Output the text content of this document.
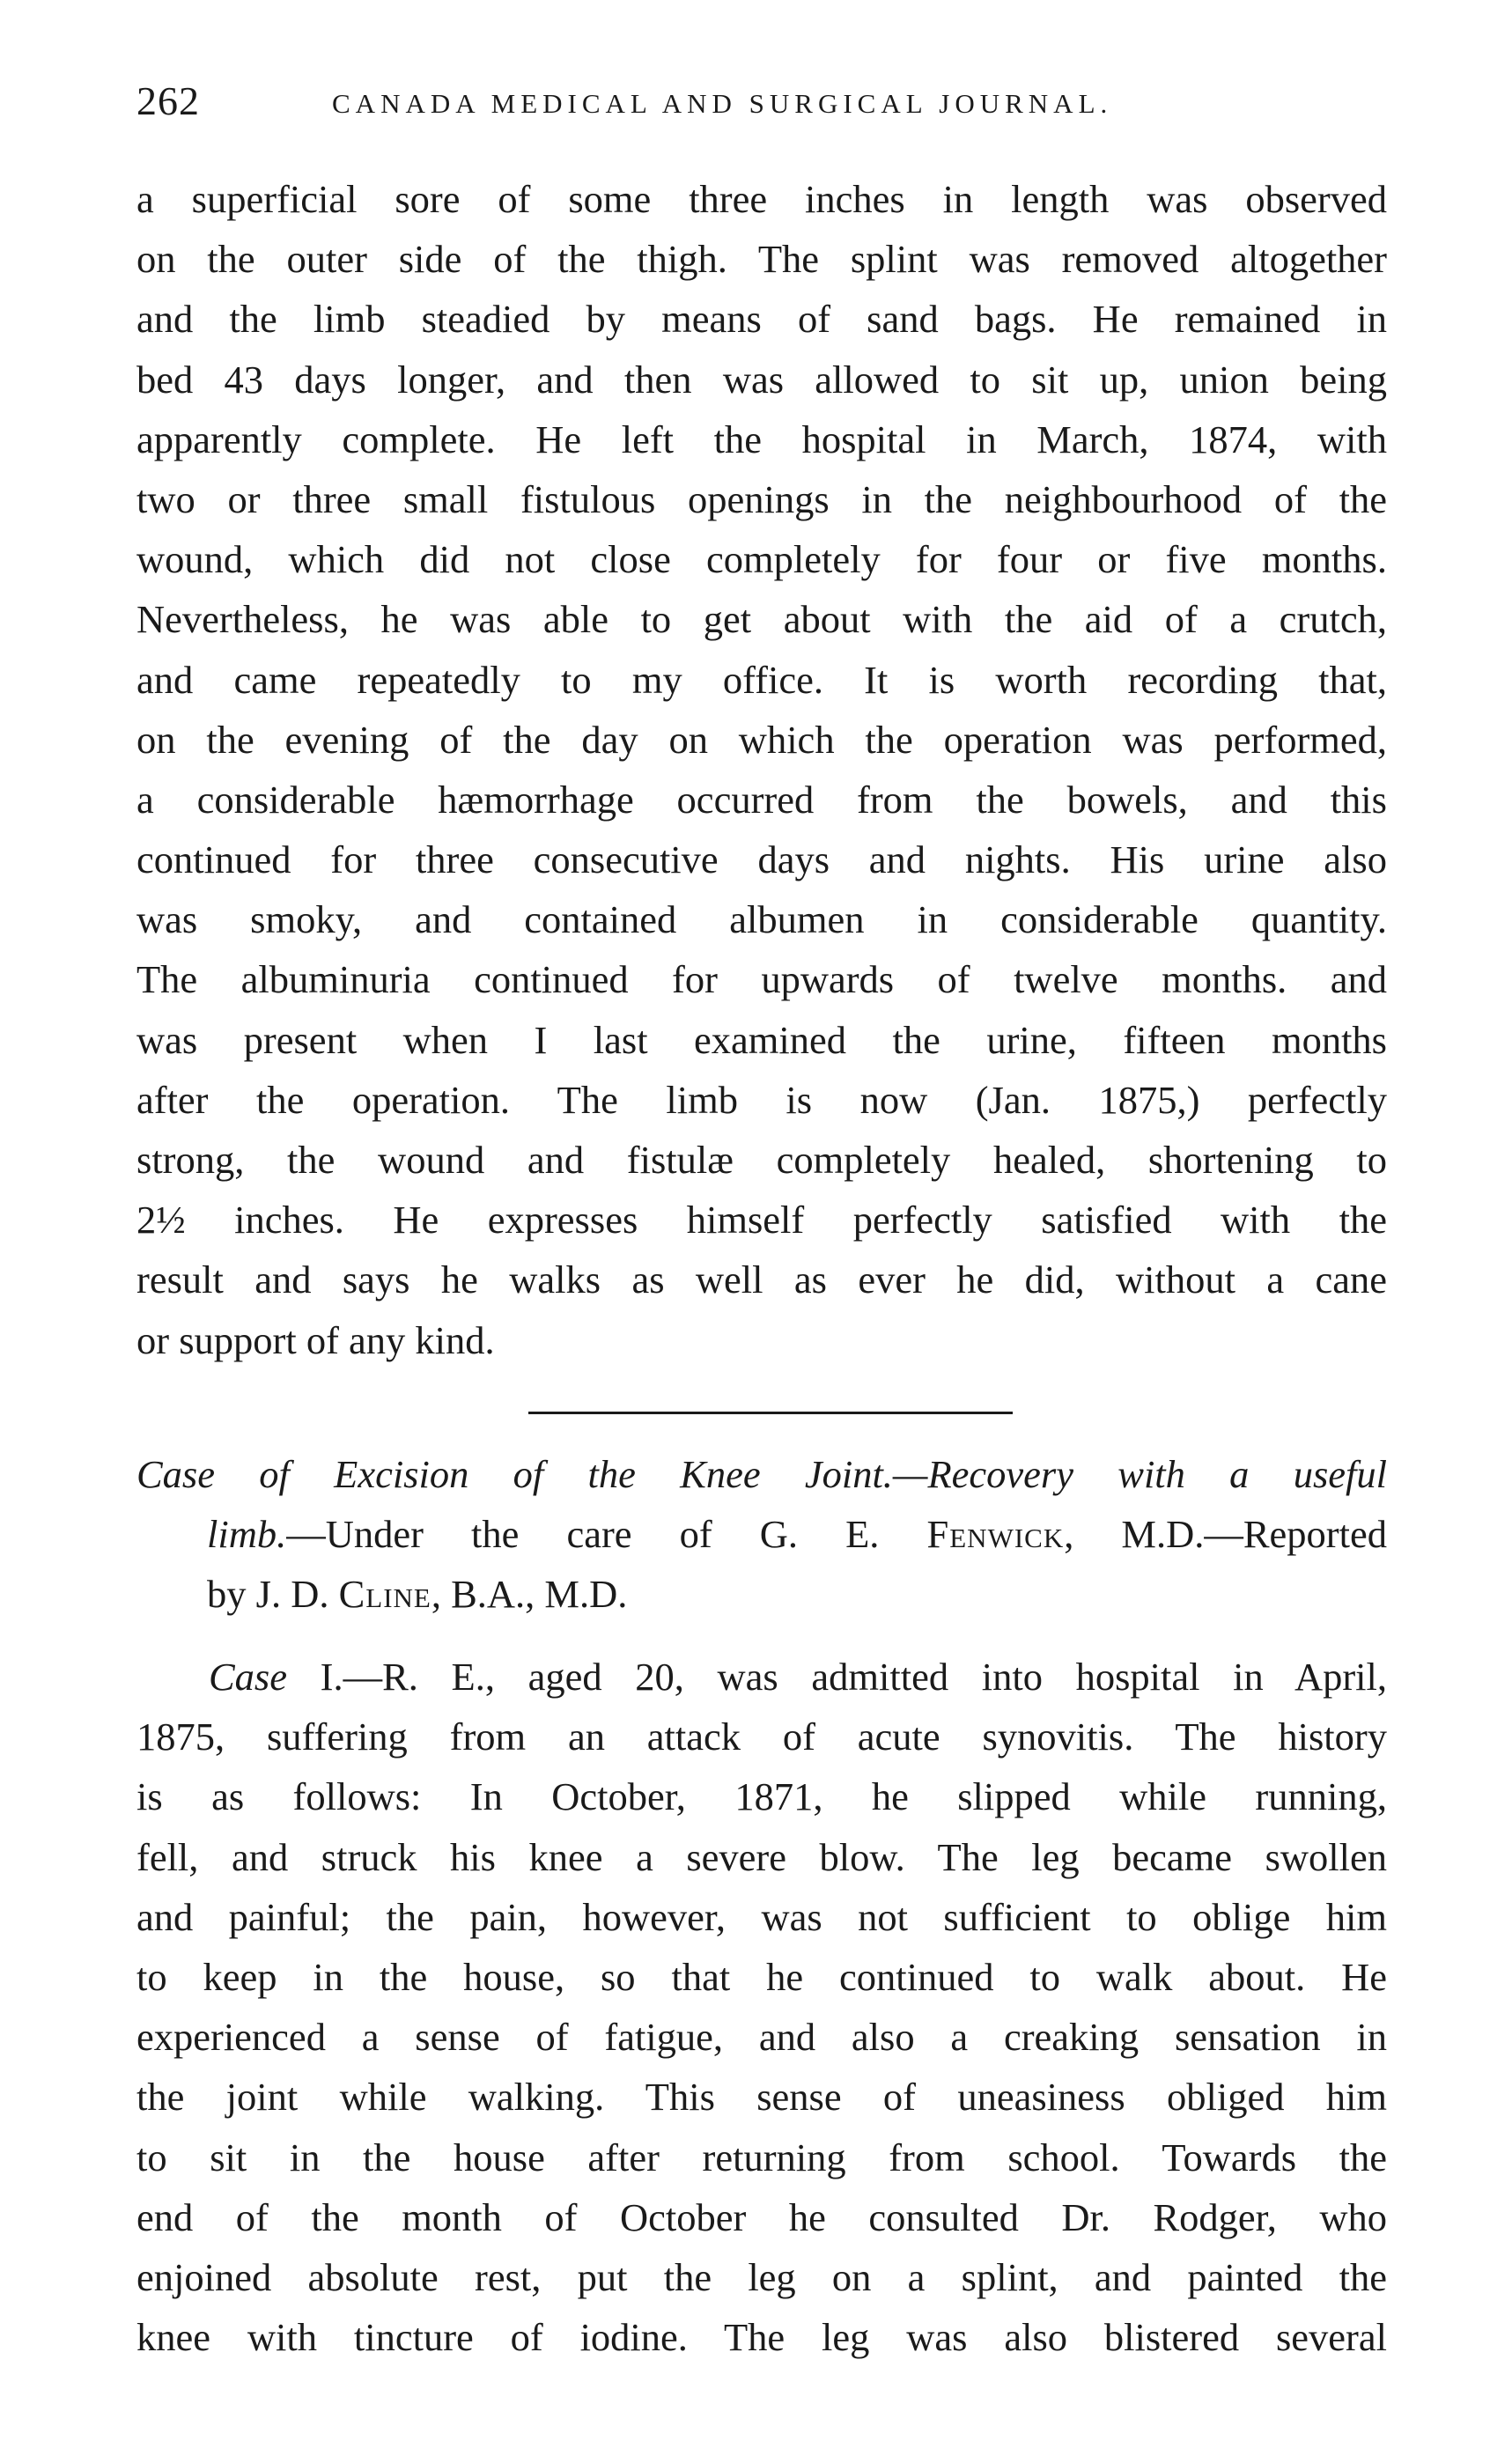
262	CANADA MEDICAL AND SURGICAL JOURNAL.
a superficial sore of some three inches in length was observed
on the outer side of the thigh. The splint was removed altogether
and the limb steadied by means of sand bags. He remained in
bed 43 days longer, and then was allowed to sit up, union being
apparently complete. He left the hospital in March, 1874, with
two or three small fistulous openings in the neighbourhood of the
wound, which did not close completely for four or five months.
Nevertheless, he was able to get about with the aid of a crutch,
and came repeatedly to my office. It is worth recording that,
on the evening of the day on which the operation was performed,
a considerable hæmorrhage occurred from the bowels, and this
continued for three consecutive days and nights. His urine also
was smoky, and contained albumen in considerable quantity.
The albuminuria continued for upwards of twelve months. and
was present when I last examined the urine, fifteen months
after the operation. The limb is now (Jan. 1875,) perfectly
strong, the wound and fistulæ completely healed, shortening to
2½ inches. He expresses himself perfectly satisfied with the
result and says he walks as well as ever he did, without a cane
or support of any kind.
Case of Excision of the Knee Joint.—Recovery with a useful
limb.—Under the care of G. E. Fenwick, M.D.—Reported
by J. D. Cline, B.A., M.D.
Case I.—R. E., aged 20, was admitted into hospital in April,
1875, suffering from an attack of acute synovitis. The history
is as follows: In October, 1871, he slipped while running,
fell, and struck his knee a severe blow. The leg became swollen
and painful; the pain, however, was not sufficient to oblige him
to keep in the house, so that he continued to walk about. He
experienced a sense of fatigue, and also a creaking sensation in
the joint while walking. This sense of uneasiness obliged him
to sit in the house after returning from school. Towards the
end of the month of October he consulted Dr. Rodger, who
enjoined absolute rest, put the leg on a splint, and painted the
knee with tincture of iodine. The leg was also blistered several
